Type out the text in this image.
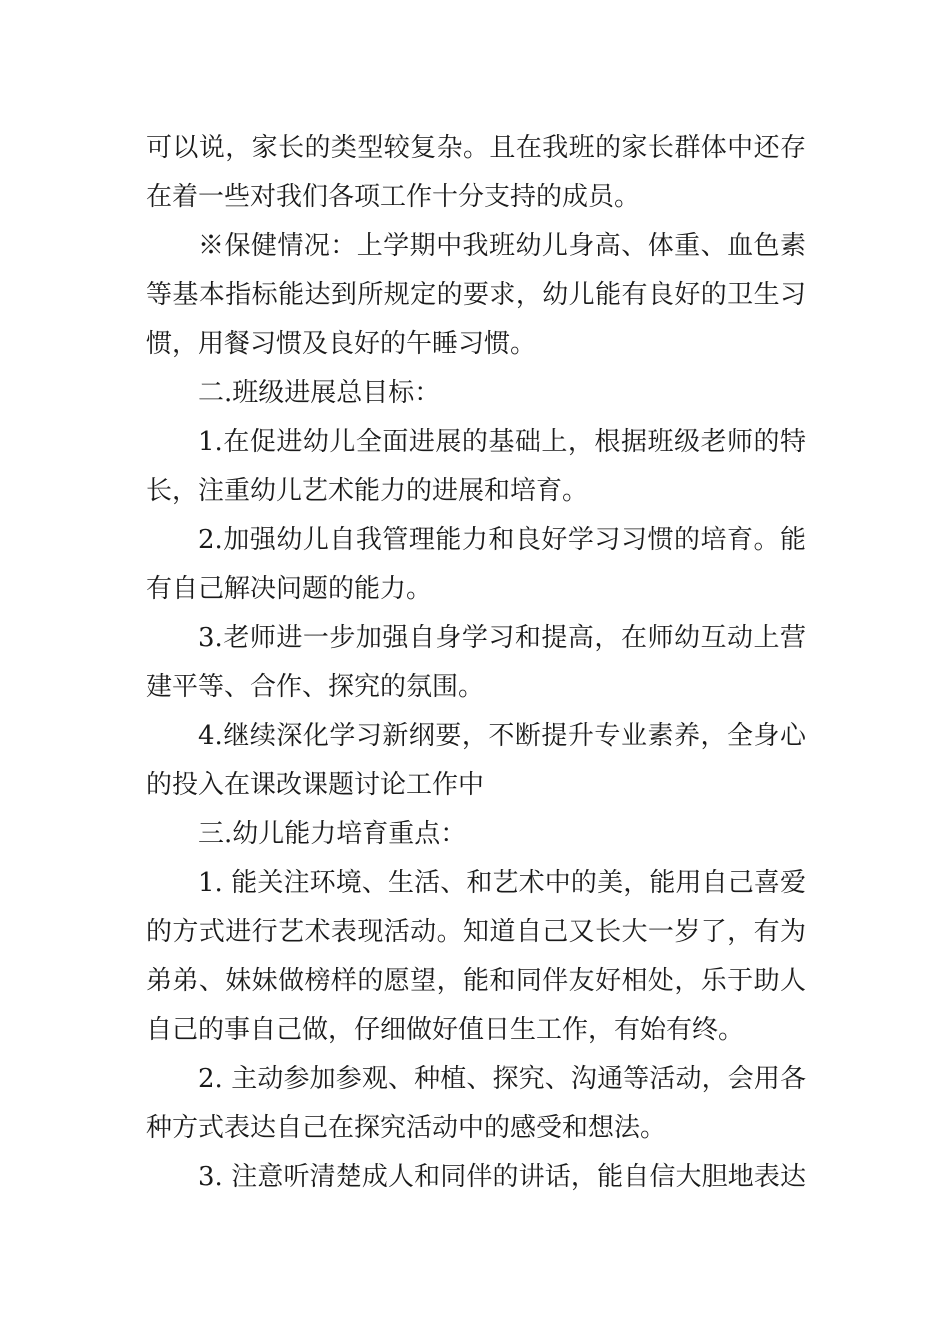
可以说，家长的类型较复杂。且在我班的家长群体中还存
在着一些对我们各项工作十分支持的成员。
※保健情况：上学期中我班幼儿身高、体重、血色素
等基本指标能达到所规定的要求，幼儿能有良好的卫生习
惯，用餐习惯及良好的午睡习惯。
二.班级进展总目标：
1.在促进幼儿全面进展的基础上，根据班级老师的特
长，注重幼儿艺术能力的进展和培育。
2.加强幼儿自我管理能力和良好学习习惯的培育。能
有自己解决问题的能力。
3.老师进一步加强自身学习和提高，在师幼互动上营
建平等、合作、探究的氛围。
4.继续深化学习新纲要，不断提升专业素养，全身心
的投入在课改课题讨论工作中
三.幼儿能力培育重点：
1. 能关注环境、生活、和艺术中的美，能用自己喜爱
的方式进行艺术表现活动。知道自己又长大一岁了，有为
弟弟、妹妹做榜样的愿望，能和同伴友好相处，乐于助人
自己的事自己做，仔细做好值日生工作，有始有终。
2. 主动参加参观、种植、探究、沟通等活动，会用各
种方式表达自己在探究活动中的感受和想法。
3. 注意听清楚成人和同伴的讲话，能自信大胆地表达
